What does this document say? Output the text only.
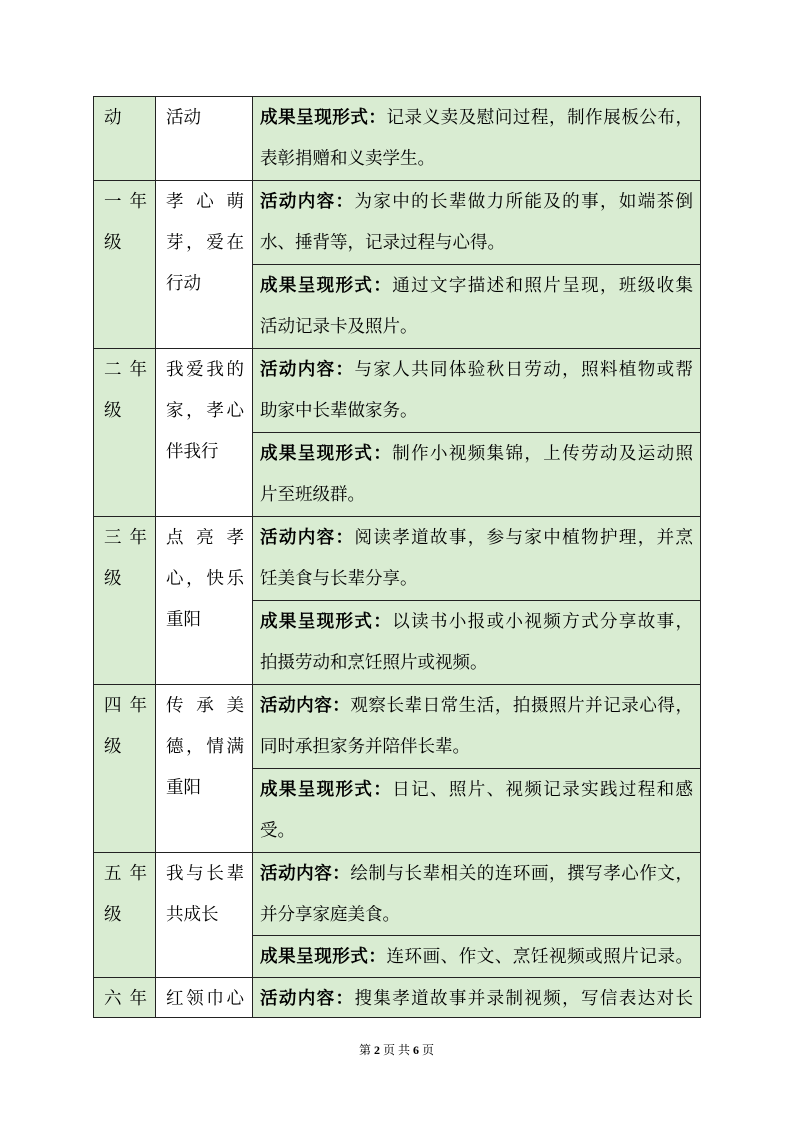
动	活动	成果呈现形式：记录义卖及慰问过程，制作展板公布，
表彰捐赠和义卖学生。
一年级
孝心萌芽，爱在行动
活动内容：为家中的长辈做力所能及的事，如端茶倒
水、捶背等，记录过程与心得。
成果呈现形式：通过文字描述和照片呈现，班级收集
活动记录卡及照片。
二年级
我爱我的家，孝心伴我行
活动内容：与家人共同体验秋日劳动，照料植物或帮
助家中长辈做家务。
成果呈现形式：制作小视频集锦，上传劳动及运动照
片至班级群。
三年级
点亮孝心，快乐重阳
活动内容：阅读孝道故事，参与家中植物护理，并烹
饪美食与长辈分享。
成果呈现形式：以读书小报或小视频方式分享故事，
拍摄劳动和烹饪照片或视频。
四年级
传承美德，情满重阳
活动内容：观察长辈日常生活，拍摄照片并记录心得，
同时承担家务并陪伴长辈。
成果呈现形式：日记、照片、视频记录实践过程和感
受。
五年级
我与长辈共成长
活动内容：绘制与长辈相关的连环画，撰写孝心作文，
并分享家庭美食。
成果呈现形式：连环画、作文、烹饪视频或照片记录。
六年 红领巾心 活动内容：搜集孝道故事并录制视频，写信表达对长
第 2 页 共 6 页
